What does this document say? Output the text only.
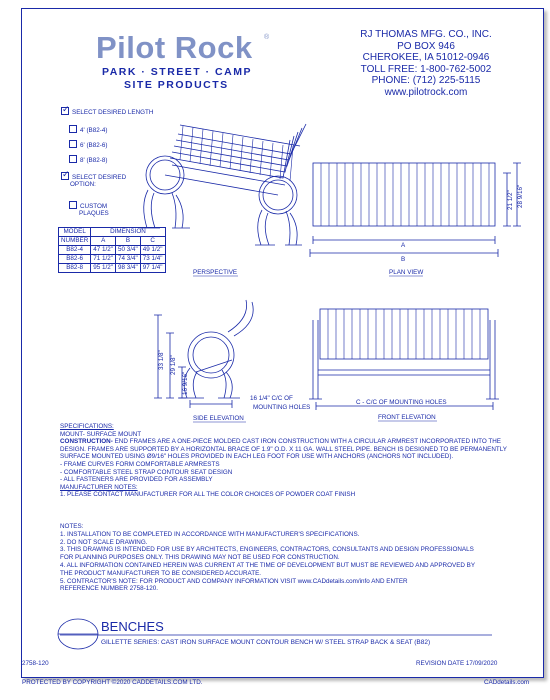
Pilot Rock ®
PARK · STREET · CAMP
SITE PRODUCTS
RJ THOMAS MFG. CO., INC.
PO BOX 946
CHEROKEE, IA 51012-0946
TOLL FREE: 1-800-762-5002
PHONE: (712) 225-5115
www.pilotrock.com
✓ SELECT DESIRED LENGTH
4' (B82-4)
6' (B82-6)
8' (B82-8)
✓ SELECT DESIRED
OPTION:
CUSTOM
PLAQUES
MODEL	DIMENSION		
NUMBER	A	B	C
B82-4	47 1/2"	50 3/4"	49 1/2"
B82-6	71 1/2"	74 3/4"	73 1/4"
B82-8	95 1/2"	98 3/4"	97 1/4"
PERSPECTIVE	PLAN VIEW
A
B
21 1/2" 28 9/16"
33 1/8" 29 1/8"
16 9/16"
16 1/4" C/C OF
MOUNTING HOLES
SIDE ELEVATION
C - C/C OF MOUNTING HOLES
FRONT ELEVATION

SPECIFICATIONS:

MOUNT- SURFACE MOUNT

CONSTRUCTION- END FRAMES ARE A ONE-PIECE MOLDED CAST IRON CONSTRUCTION WITH A CIRCULAR ARMREST INCORPORATED INTO THE

DESIGN. FRAMES ARE SUPPORTED BY A HORIZONTAL BRACE OF 1.9" O.D. X 11 GA. WALL STEEL PIPE. BENCH IS DESIGNED TO BE PERMANENTLY

SURFACE MOUNTED USING Ø9/16" HOLES PROVIDED IN EACH LEG FOOT FOR USE WITH ANCHORS (ANCHORS NOT INCLUDED).

- FRAME CURVES FORM COMFORTABLE ARMRESTS

- COMFORTABLE STEEL STRAP CONTOUR SEAT DESIGN

- ALL FASTENERS ARE PROVIDED FOR ASSEMBLY

MANUFACTURER NOTES:

1. PLEASE CONTACT MANUFACTURER FOR ALL THE COLOR CHOICES OF POWDER COAT FINISH

NOTES:

1. INSTALLATION TO BE COMPLETED IN ACCORDANCE WITH MANUFACTURER'S SPECIFICATIONS.

2. DO NOT SCALE DRAWING.

3. THIS DRAWING IS INTENDED FOR USE BY ARCHITECTS, ENGINEERS, CONTRACTORS, CONSULTANTS AND DESIGN PROFESSIONALS

FOR PLANNING PURPOSES ONLY. THIS DRAWING MAY NOT BE USED FOR CONSTRUCTION.

4. ALL INFORMATION CONTAINED HEREIN WAS CURRENT AT THE TIME OF DEVELOPMENT BUT MUST BE REVIEWED AND APPROVED BY

THE PRODUCT MANUFACTURER TO BE CONSIDERED ACCURATE.

5. CONTRACTOR'S NOTE: FOR PRODUCT AND COMPANY INFORMATION VISIT www.CADdetails.com/info AND ENTER

REFERENCE NUMBER 2758-120.

BENCHES
GILLETTE SERIES: CAST IRON SURFACE MOUNT CONTOUR BENCH W/ STEEL STRAP BACK & SEAT (B82)
2758-120	REVISION DATE 17/09/2020
PROTECTED BY COPYRIGHT ©2020 CADDETAILS.COM LTD.	CADdetails.com
